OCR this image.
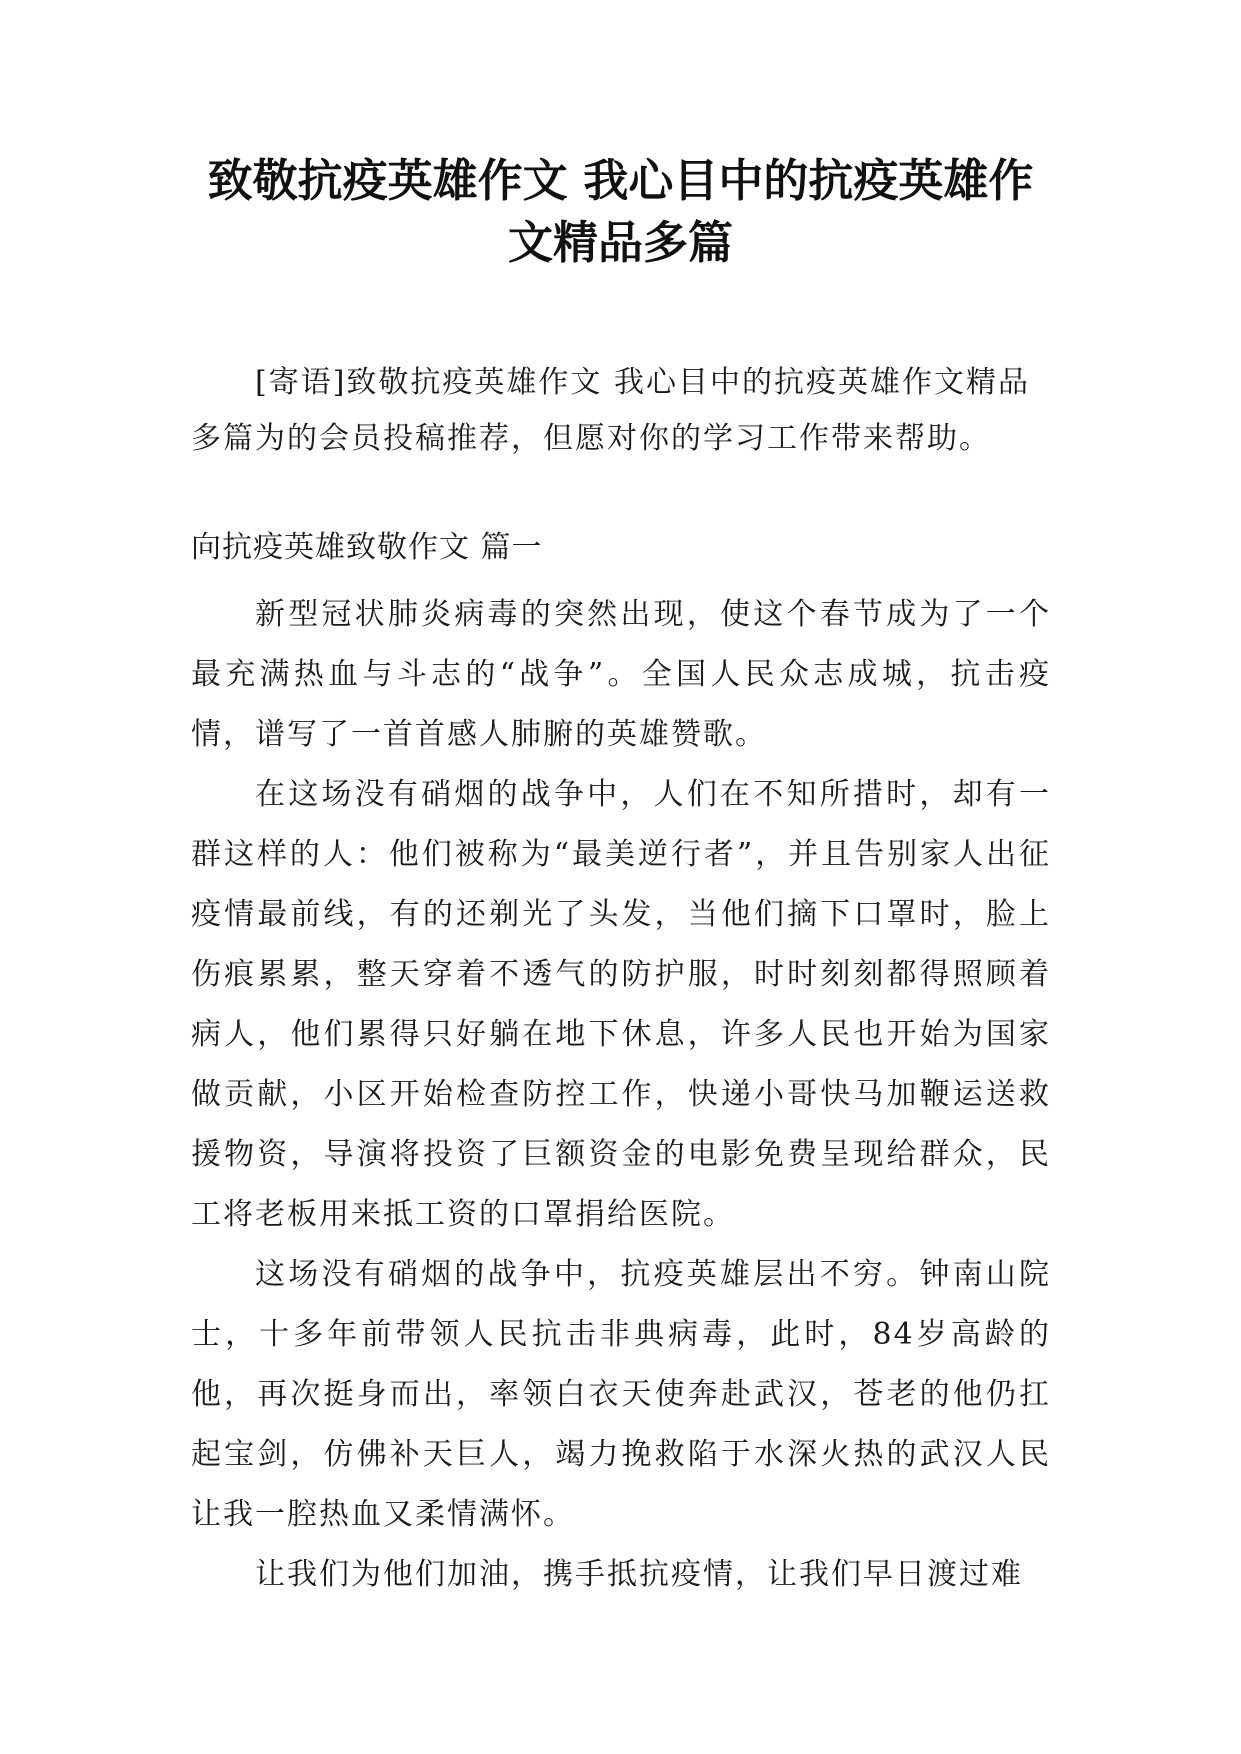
致敬抗疫英雄作文 我心目中的抗疫英雄作
文精品多篇

[寄语]致敬抗疫英雄作文 我心目中的抗疫英雄作文精品多篇为的会员投稿推荐，但愿对你的学习工作带来帮助。

向抗疫英雄致敬作文 篇一

新型冠状肺炎病毒的突然出现，使这个春节成为了一个最充满热血与斗志的“战争”。全国人民众志成城，抗击疫情，谱写了一首首感人肺腑的英雄赞歌。

在这场没有硝烟的战争中，人们在不知所措时，却有一群这样的人：他们被称为“最美逆行者”，并且告别家人出征疫情最前线，有的还剃光了头发，当他们摘下口罩时，脸上伤痕累累，整天穿着不透气的防护服，时时刻刻都得照顾着病人，他们累得只好躺在地下休息，许多人民也开始为国家做贡献，小区开始检查防控工作，快递小哥快马加鞭运送救援物资，导演将投资了巨额资金的电影免费呈现给群众，民工将老板用来抵工资的口罩捐给医院。

这场没有硝烟的战争中，抗疫英雄层出不穷。钟南山院士，十多年前带领人民抗击非典病毒，此时，84岁高龄的他，再次挺身而出，率领白衣天使奔赴武汉，苍老的他仍扛起宝剑，仿佛补天巨人，竭力挽救陷于水深火热的武汉人民让我一腔热血又柔情满怀。

让我们为他们加油，携手抵抗疫情，让我们早日渡过难
